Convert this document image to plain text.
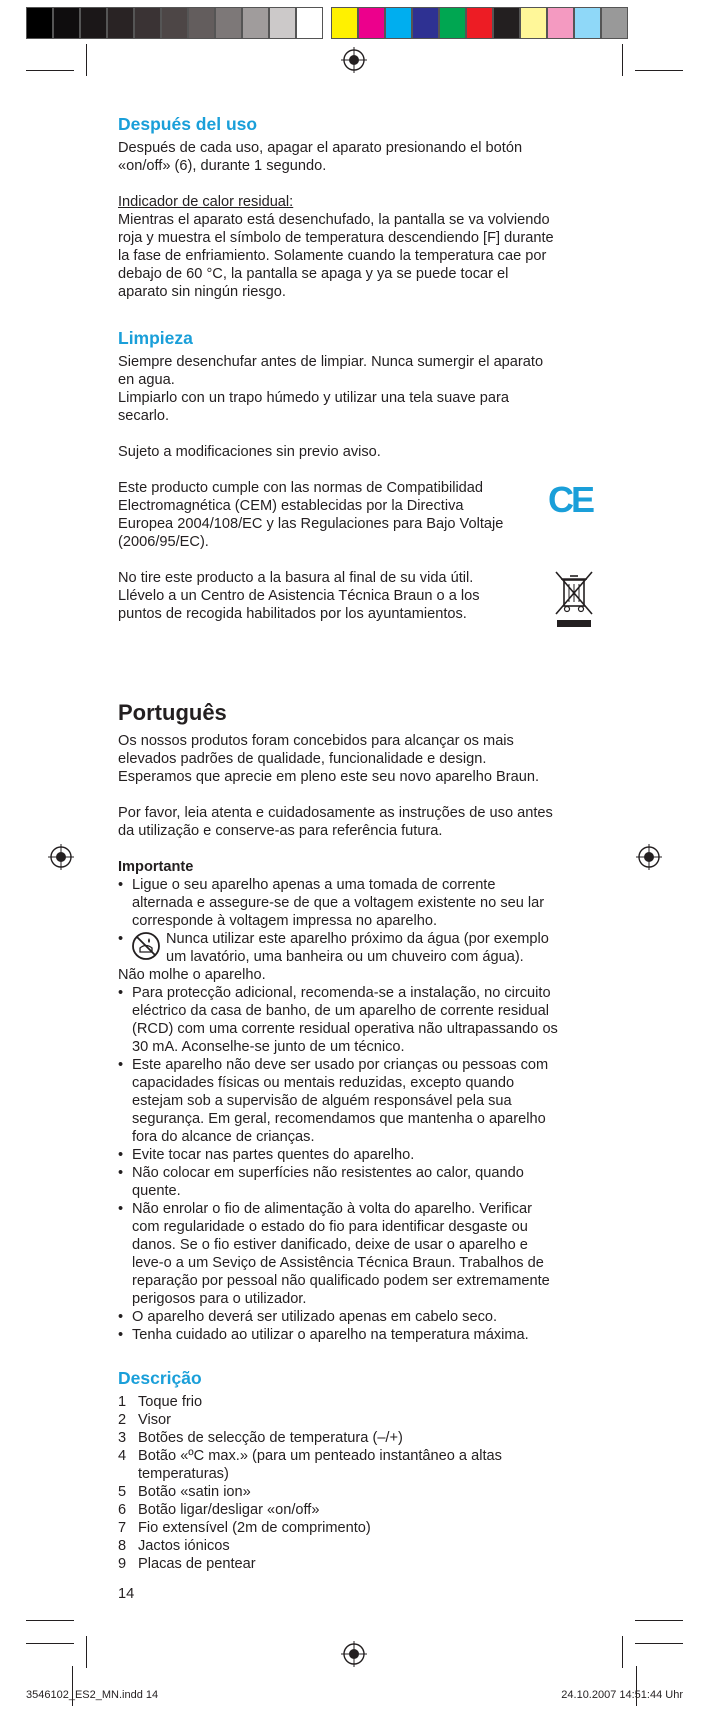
Después del uso

Después de cada uso, apagar el aparato presionando el botón

«on/off» (6), durante 1 segundo.

Indicador de calor residual:

Mientras el aparato está desenchufado, la pantalla se va volviendo

roja y muestra el símbolo de temperatura descendiendo [F] durante

la fase de enfriamiento. Solamente cuando la temperatura cae por

debajo de 60 °C, la pantalla se apaga y ya se puede tocar el

aparato sin ningún riesgo.

Limpieza

Siempre desenchufar antes de limpiar. Nunca sumergir el aparato

en agua.

Limpiarlo con un trapo húmedo y utilizar una tela suave para

secarlo.

Sujeto a modificaciones sin previo aviso.

Este producto cumple con las normas de Compatibilidad

Electromagnética (CEM) establecidas por la Directiva

Europea 2004/108/EC y las Regulaciones para Bajo Voltaje

(2006/95/EC).

No tire este producto a la basura al final de su vida útil.

Llévelo a un Centro de Asistencia Técnica Braun o a los

puntos de recogida habilitados por los ayuntamientos.

CE
Português

Os nossos produtos foram concebidos para alcançar os mais

elevados padrões de qualidade, funcionalidade e design.

Esperamos que aprecie em pleno este seu novo aparelho Braun.

Por favor, leia atenta e cuidadosamente as instruções de uso antes

da utilização e conserve-as para referência futura.

Importante

• Ligue o seu aparelho apenas a uma tomada de corrente
alternada e assegure-se de que a voltagem existente no seu lar
corresponde à voltagem impressa no aparelho.
• Nunca utilizar este aparelho próximo da água (por exemplo
um lavatório, uma banheira ou um chuveiro com água).
Não molhe o aparelho.
• Para protecção adicional, recomenda-se a instalação, no circuito
eléctrico da casa de banho, de um aparelho de corrente residual
(RCD) com uma corrente residual operativa não ultrapassando os
30 mA. Aconselhe-se junto de um técnico.
• Este aparelho não deve ser usado por crianças ou pessoas com
capacidades físicas ou mentais reduzidas, excepto quando
estejam sob a supervisão de alguém responsável pela sua
segurança. Em geral, recomendamos que mantenha o aparelho
fora do alcance de crianças.
• Evite tocar nas partes quentes do aparelho.
• Não colocar em superfícies não resistentes ao calor, quando
quente.
• Não enrolar o fio de alimentação à volta do aparelho. Verificar
com regularidade o estado do fio para identificar desgaste ou
danos. Se o fio estiver danificado, deixe de usar o aparelho e
leve-o a um Seviço de Assistência Técnica Braun. Trabalhos de
reparação por pessoal não qualificado podem ser extremamente
perigosos para o utilizador.
• O aparelho deverá ser utilizado apenas em cabelo seco.
• Tenha cuidado ao utilizar o aparelho na temperatura máxima.
Descrição
1 Toque frio
2 Visor
3 Botões de selecção de temperatura (–/+)
4 Botão «ºC max.» (para um penteado instantâneo a altas
temperaturas)
5 Botão «satin ion»
6 Botão ligar/desligar «on/off»
7 Fio extensível (2m de comprimento)
8 Jactos iónicos
9 Placas de pentear
14
3546102_ES2_MN.indd 14	24.10.2007 14:51:44 Uhr
